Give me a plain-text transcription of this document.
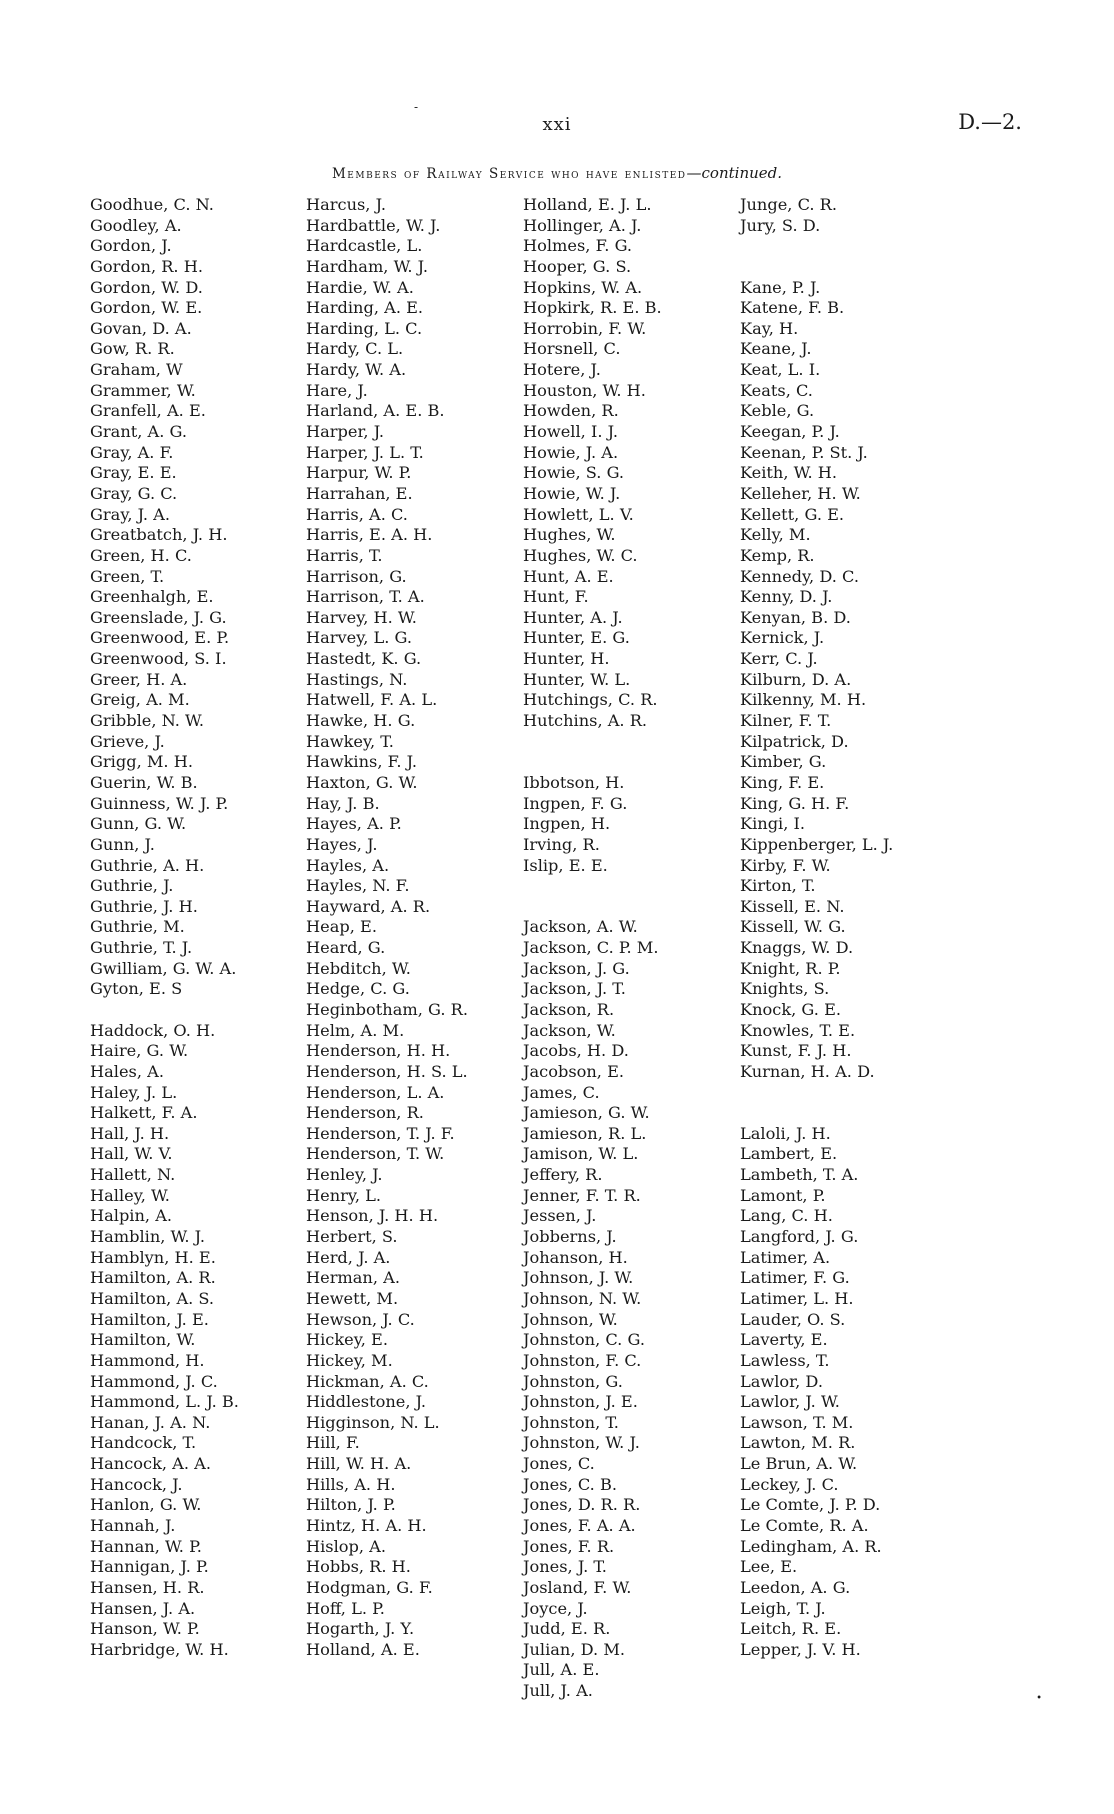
-
xxi	D.—2.
Members of Railway Service who have enlisted—continued.
Goodhue, C. N.
Goodley, A.
Gordon, J.
Gordon, R. H.
Gordon, W. D.
Gordon, W. E.
Govan, D. A.
Gow, R. R.
Graham, W
Grammer, W.
Granfell, A. E.
Grant, A. G.
Gray, A. F.
Gray, E. E.
Gray, G. C.
Gray, J. A.
Greatbatch, J. H.
Green, H. C.
Green, T.
Greenhalgh, E.
Greenslade, J. G.
Greenwood, E. P.
Greenwood, S. I.
Greer, H. A.
Greig, A. M.
Gribble, N. W.
Grieve, J.
Grigg, M. H.
Guerin, W. B.
Guinness, W. J. P.
Gunn, G. W.
Gunn, J.
Guthrie, A. H.
Guthrie, J.
Guthrie, J. H.
Guthrie, M.
Guthrie, T. J.
Gwilliam, G. W. A.
Gyton, E. S
Haddock, O. H.
Haire, G. W.
Hales, A.
Haley, J. L.
Halkett, F. A.
Hall, J. H.
Hall, W. V.
Hallett, N.
Halley, W.
Halpin, A.
Hamblin, W. J.
Hamblyn, H. E.
Hamilton, A. R.
Hamilton, A. S.
Hamilton, J. E.
Hamilton, W.
Hammond, H.
Hammond, J. C.
Hammond, L. J. B.
Hanan, J. A. N.
Handcock, T.
Hancock, A. A.
Hancock, J.
Hanlon, G. W.
Hannah, J.
Hannan, W. P.
Hannigan, J. P.
Hansen, H. R.
Hansen, J. A.
Hanson, W. P.
Harbridge, W. H.
Harcus, J.
Hardbattle, W. J.
Hardcastle, L.
Hardham, W. J.
Hardie, W. A.
Harding, A. E.
Harding, L. C.
Hardy, C. L.
Hardy, W. A.
Hare, J.
Harland, A. E. B.
Harper, J.
Harper, J. L. T.
Harpur, W. P.
Harrahan, E.
Harris, A. C.
Harris, E. A. H.
Harris, T.
Harrison, G.
Harrison, T. A.
Harvey, H. W.
Harvey, L. G.
Hastedt, K. G.
Hastings, N.
Hatwell, F. A. L.
Hawke, H. G.
Hawkey, T.
Hawkins, F. J.
Haxton, G. W.
Hay, J. B.
Hayes, A. P.
Hayes, J.
Hayles, A.
Hayles, N. F.
Hayward, A. R.
Heap, E.
Heard, G.
Hebditch, W.
Hedge, C. G.
Heginbotham, G. R.
Helm, A. M.
Henderson, H. H.
Henderson, H. S. L.
Henderson, L. A.
Henderson, R.
Henderson, T. J. F.
Henderson, T. W.
Henley, J.
Henry, L.
Henson, J. H. H.
Herbert, S.
Herd, J. A.
Herman, A.
Hewett, M.
Hewson, J. C.
Hickey, E.
Hickey, M.
Hickman, A. C.
Hiddlestone, J.
Higginson, N. L.
Hill, F.
Hill, W. H. A.
Hills, A. H.
Hilton, J. P.
Hintz, H. A. H.
Hislop, A.
Hobbs, R. H.
Hodgman, G. F.
Hoff, L. P.
Hogarth, J. Y.
Holland, A. E.
Holland, E. J. L.
Hollinger, A. J.
Holmes, F. G.
Hooper, G. S.
Hopkins, W. A.
Hopkirk, R. E. B.
Horrobin, F. W.
Horsnell, C.
Hotere, J.
Houston, W. H.
Howden, R.
Howell, I. J.
Howie, J. A.
Howie, S. G.
Howie, W. J.
Howlett, L. V.
Hughes, W.
Hughes, W. C.
Hunt, A. E.
Hunt, F.
Hunter, A. J.
Hunter, E. G.
Hunter, H.
Hunter, W. L.
Hutchings, C. R.
Hutchins, A. R.
Ibbotson, H.
Ingpen, F. G.
Ingpen, H.
Irving, R.
Islip, E. E.
Jackson, A. W.
Jackson, C. P. M.
Jackson, J. G.
Jackson, J. T.
Jackson, R.
Jackson, W.
Jacobs, H. D.
Jacobson, E.
James, C.
Jamieson, G. W.
Jamieson, R. L.
Jamison, W. L.
Jeffery, R.
Jenner, F. T. R.
Jessen, J.
Jobberns, J.
Johanson, H.
Johnson, J. W.
Johnson, N. W.
Johnson, W.
Johnston, C. G.
Johnston, F. C.
Johnston, G.
Johnston, J. E.
Johnston, T.
Johnston, W. J.
Jones, C.
Jones, C. B.
Jones, D. R. R.
Jones, F. A. A.
Jones, F. R.
Jones, J. T.
Josland, F. W.
Joyce, J.
Judd, E. R.
Julian, D. M.
Jull, A. E.
Jull, J. A.
Junge, C. R.
Jury, S. D.
Kane, P. J.
Katene, F. B.
Kay, H.
Keane, J.
Keat, L. I.
Keats, C.
Keble, G.
Keegan, P. J.
Keenan, P. St. J.
Keith, W. H.
Kelleher, H. W.
Kellett, G. E.
Kelly, M.
Kemp, R.
Kennedy, D. C.
Kenny, D. J.
Kenyan, B. D.
Kernick, J.
Kerr, C. J.
Kilburn, D. A.
Kilkenny, M. H.
Kilner, F. T.
Kilpatrick, D.
Kimber, G.
King, F. E.
King, G. H. F.
Kingi, I.
Kippenberger, L. J.
Kirby, F. W.
Kirton, T.
Kissell, E. N.
Kissell, W. G.
Knaggs, W. D.
Knight, R. P.
Knights, S.
Knock, G. E.
Knowles, T. E.
Kunst, F. J. H.
Kurnan, H. A. D.
Laloli, J. H.
Lambert, E.
Lambeth, T. A.
Lamont, P.
Lang, C. H.
Langford, J. G.
Latimer, A.
Latimer, F. G.
Latimer, L. H.
Lauder, O. S.
Laverty, E.
Lawless, T.
Lawlor, D.
Lawlor, J. W.
Lawson, T. M.
Lawton, M. R.
Le Brun, A. W.
Leckey, J. C.
Le Comte, J. P. D.
Le Comte, R. A.
Ledingham, A. R.
Lee, E.
Leedon, A. G.
Leigh, T. J.
Leitch, R. E.
Lepper, J. V. H.
•
